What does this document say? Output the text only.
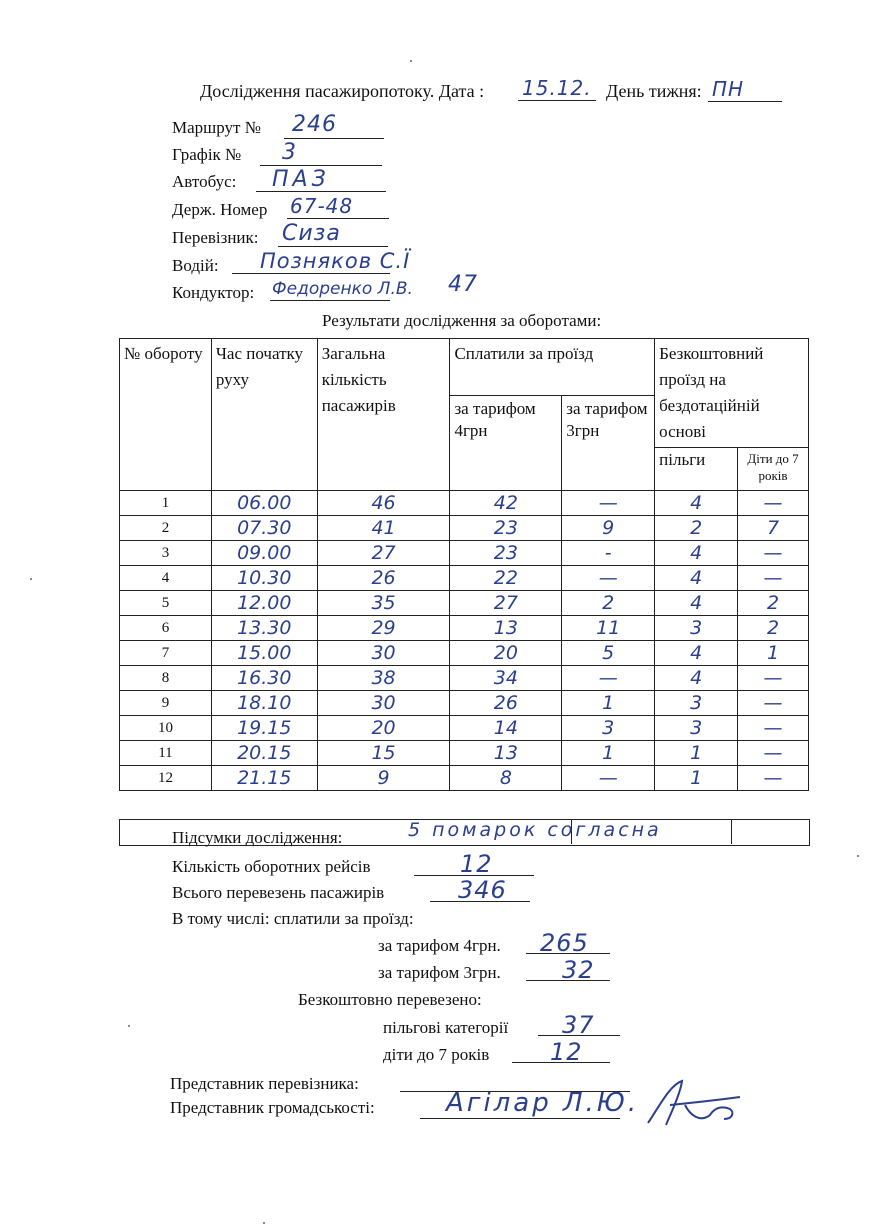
Дослідження пасажиропотоку. Дата : 15.12. День тижня: ПН
Маршрут № 246
Графік № 3
Автобус: ПАЗ
Держ. Номер 67-48
Перевізник: Сиза
Водій: Позняков С.Ї
Кондуктор: Федоренко Л.В. 47
Результати дослідження за оборотами:
№ обороту	Час початку руху	Загальна кількість пасажирів	Сплатили за проїзд		Безкоштовний проїзд на бездотаційній основі	
			за тарифом 4грн	за тарифом 3грн		
					пільги	Діти до 7 років
1	06.00	46	42	—	4	—
2	07.30	41	23	9	2	7
3	09.00	27	23	-	4	—
4	10.30	26	22	—	4	—
5	12.00	35	27	2	4	2
6	13.30	29	13	11	3	2
7	15.00	30	20	5	4	1
8	16.30	38	34	—	4	—
9	18.10	30	26	1	3	—
10	19.15	20	14	3	3	—
11	20.15	15	13	1	1	—
12	21.15	9	8	—	1	—
Підсумки дослідження:	5 помарок согласна
Кількість оборотних рейсів	12
Всього перевезень пасажирів	346
В тому числі: сплатили за проїзд:
за тарифом 4грн. 265
за тарифом 3грн.	32
Безкоштовно перевезено:
пільгові категорії 37
діти до 7 років	12
Представник перевізника:
Представник громадськості:	Агілар Л.Ю.
